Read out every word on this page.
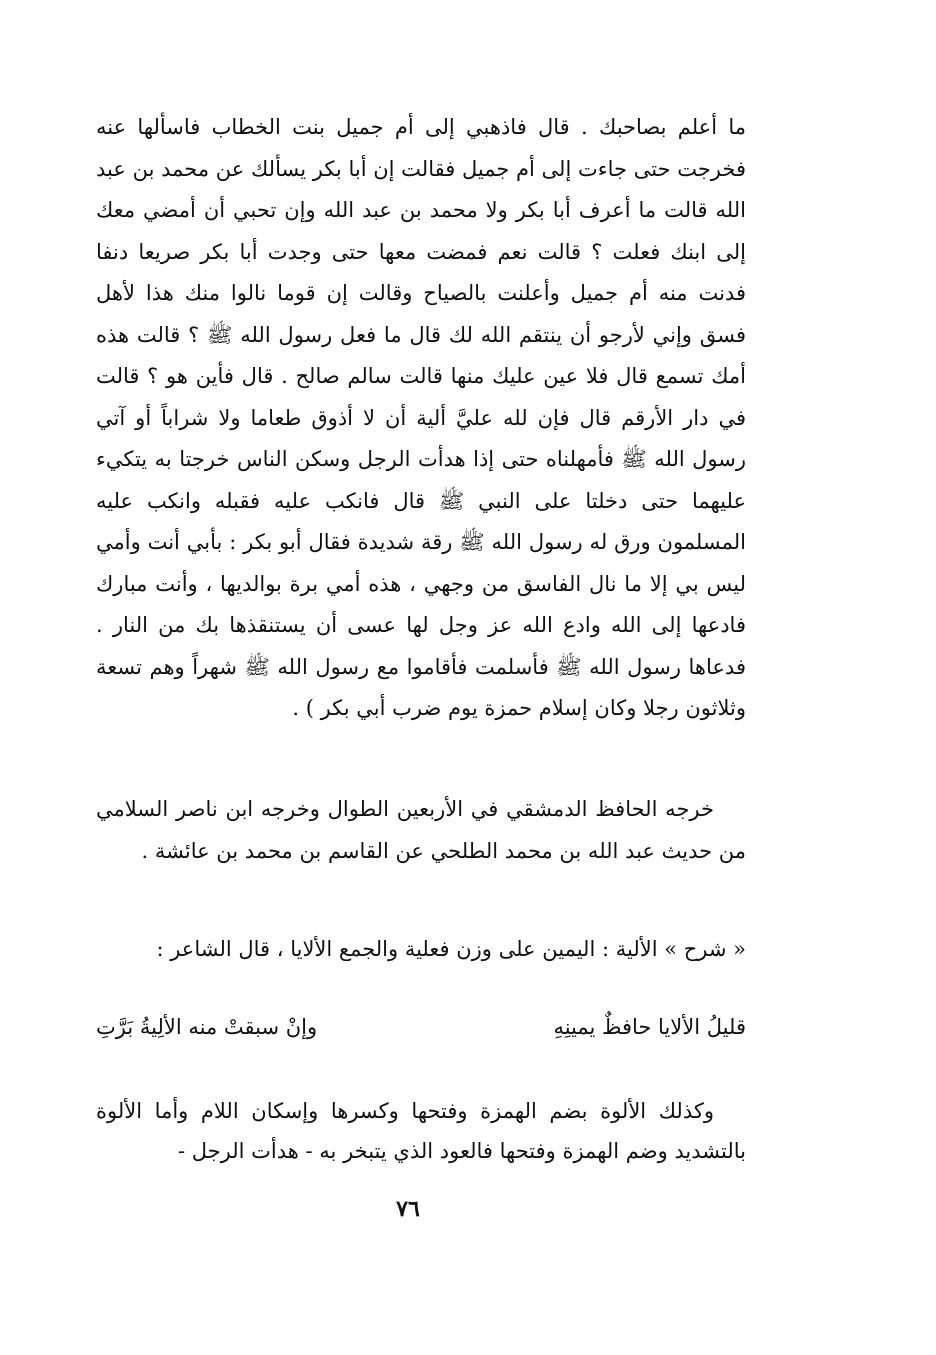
ما أعلم بصاحبك . قال فاذهبي إلى أم جميل بنت الخطاب فاسألها عنه فخرجت حتى جاءت إلى أم جميل فقالت إن أبا بكر يسألك عن محمد بن عبد الله قالت ما أعرف أبا بكر ولا محمد بن عبد الله وإن تحبي أن أمضي معك إلى ابنك فعلت ؟ قالت نعم فمضت معها حتى وجدت أبا بكر صريعا دنفا فدنت منه أم جميل وأعلنت بالصياح وقالت إن قوما نالوا منك هذا لأهل فسق وإني لأرجو أن ينتقم الله لك قال ما فعل رسول الله ﷺ ؟ قالت هذه أمك تسمع قال فلا عين عليك منها قالت سالم صالح . قال فأين هو ؟ قالت في دار الأرقم قال فإن لله عليَّ ألية أن لا أذوق طعاما ولا شراباً أو آتي رسول الله ﷺ فأمهلناه حتى إذا هدأت الرجل وسكن الناس خرجتا به يتكيء عليهما حتى دخلتا على النبي ﷺ قال فانكب عليه فقبله وانكب عليه المسلمون ورق له رسول الله ﷺ رقة شديدة فقال أبو بكر : بأبي أنت وأمي ليس بي إلا ما نال الفاسق من وجهي ، هذه أمي برة بوالديها ، وأنت مبارك فادعها إلى الله وادع الله عز وجل لها عسى أن يستنقذها بك من النار . فدعاها رسول الله ﷺ فأسلمت فأقاموا مع رسول الله ﷺ شهراً وهم تسعة وثلاثون رجلا وكان إسلام حمزة يوم ضرب أبي بكر ) .

خرجه الحافظ الدمشقي في الأربعين الطوال وخرجه ابن ناصر السلامي من حديث عبد الله بن محمد الطلحي عن القاسم بن محمد بن عائشة .

« شرح » الألية : اليمين على وزن فعلية والجمع الألايا ، قال الشاعر :

قليلُ الألايا حافظٌ يمينِهِ
وإنْ سبقتْ منه الألِيةُ بَرَّتِ

وكذلك الألوة بضم الهمزة وفتحها وكسرها وإسكان اللام وأما الألوة بالتشديد وضم الهمزة وفتحها فالعود الذي يتبخر به - هدأت الرجل -

٧٦
